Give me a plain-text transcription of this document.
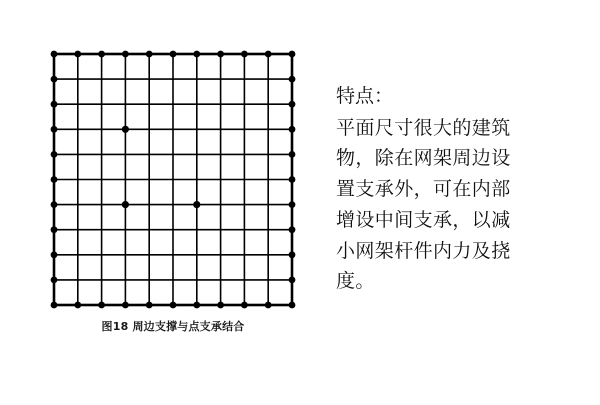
图18 周边支撑与点支承结合
特点：
平面尺寸很大的建筑
物，除在网架周边设
置支承外，可在内部
增设中间支承，以减
小网架杆件内力及挠
度。
